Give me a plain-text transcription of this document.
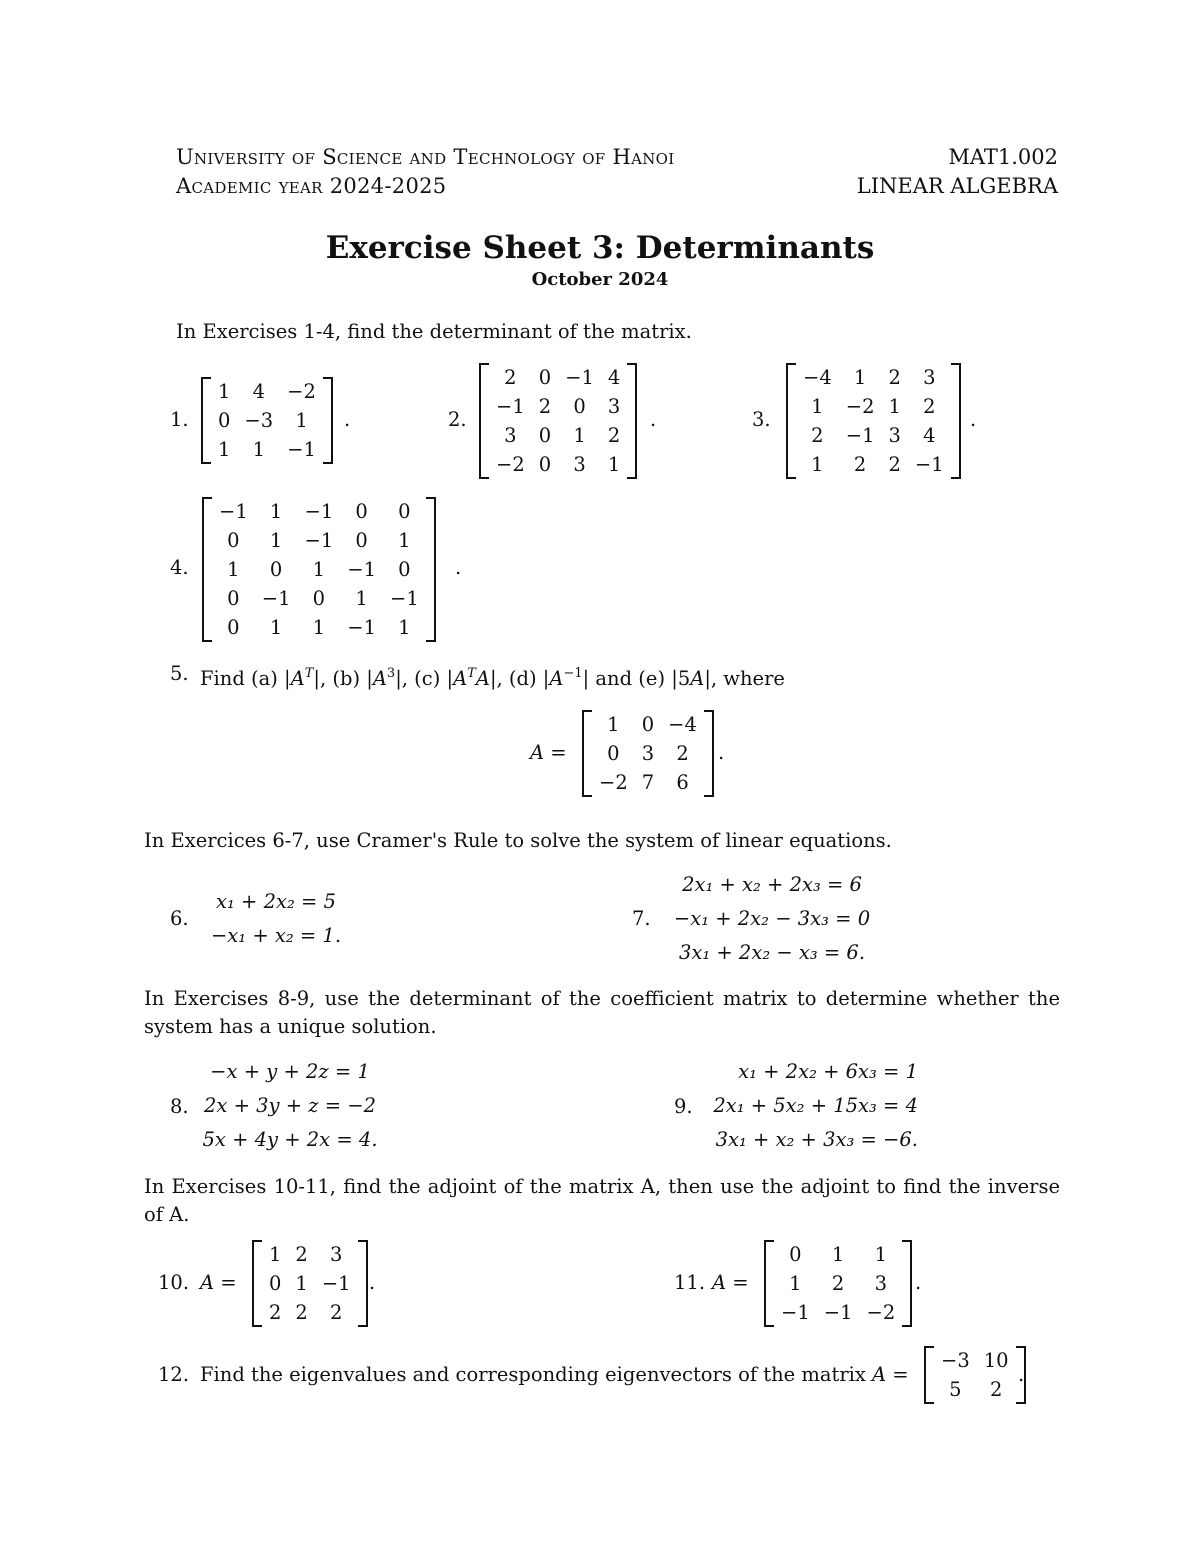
University of Science and Technology of Hanoi
Academic year 2024-2025
MAT1.002
LINEAR ALGEBRA
Exercise Sheet 3: Determinants
October 2024
In Exercises 1-4, find the determinant of the matrix.
1.
1	4	−2
0	−3	1
1	1	−1
.	2.
2	0	−1	4
−1	2	0	3
3	0	1	2
−2	0	3	1
.	3.
−4	1	2	3
1	−2	1	2
2	−1	3	4
1	2	2	−1
.
4.
−1	1	−1	0	0
0	1	−1	0	1
1	0	1	−1	0
0	−1	0	1	−1
0	1	1	−1	1
.
5. Find (a) $|A^T|$, (b) $|A^3|$, (c) $|A^TA|$, (d) $|A^{-1}|$ and (e) |5A|, where
A =
1	0	−4
0	3	2
−2	7	6
.
In Exercices 6-7, use Cramer's Rule to solve the system of linear equations.
6.
x₁ + 2x₂ = 5
−x₁ + x₂ = 1.
7.
2x₁ + x₂ + 2x₃ = 6
−x₁ + 2x₂ − 3x₃ = 0
3x₁ + 2x₂ − x₃ = 6.
In Exercises 8-9, use the determinant of the coefficient matrix to determine whether the system has a unique solution.
8.
−x + y + 2z = 1
2x + 3y + z = −2
5x + 4y + 2x = 4.
9.
x₁ + 2x₂ + 6x₃ = 1
2x₁ + 5x₂ + 15x₃ = 4
3x₁ + x₂ + 3x₃ = −6.
In Exercises 10-11, find the adjoint of the matrix A, then use the adjoint to find the inverse of A.
10. A =
1	2	3
0	1	−1
2	2	2
.	11. A =
0	1	1
1	2	3
−1	−1	−2
.
12. Find the eigenvalues and corresponding eigenvectors of the matrix A =
−3	10
5	2
.
